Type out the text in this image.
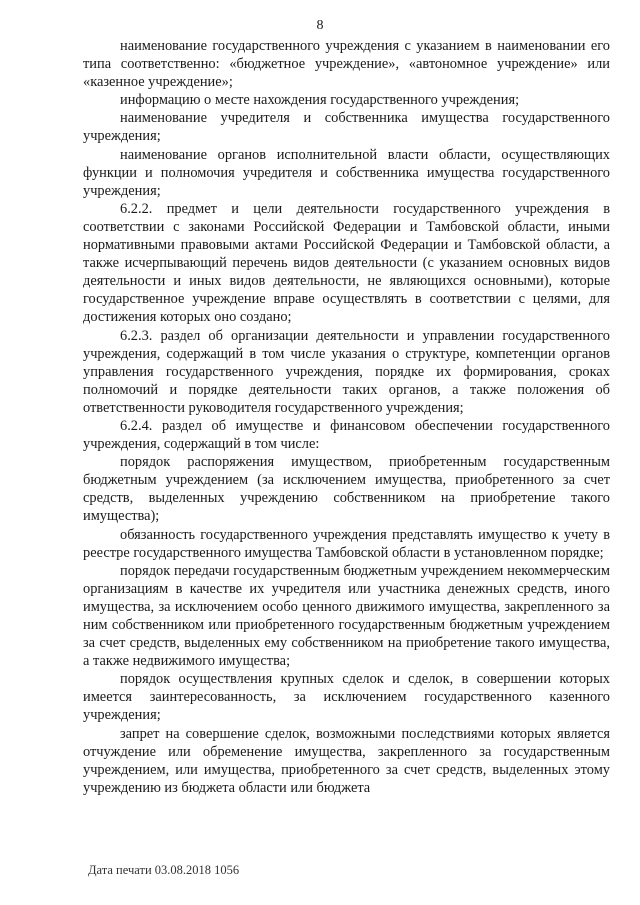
8

наименование государственного учреждения с указанием в наименовании его типа соответственно: «бюджетное учреждение», «автономное учреждение» или «казенное учреждение»;

информацию о месте нахождения государственного учреждения;

наименование учредителя и собственника имущества государственного учреждения;

наименование органов исполнительной власти области, осуществляющих функции и полномочия учредителя и собственника имущества государственного учреждения;

6.2.2. предмет и цели деятельности государственного учреждения в соответствии с законами Российской Федерации и Тамбовской области, иными нормативными правовыми актами Российской Федерации и Тамбовской области, а также исчерпывающий перечень видов деятельности (с указанием основных видов деятельности и иных видов деятельности, не являющихся основными), которые государственное учреждение вправе осуществлять в соответствии с целями, для достижения которых оно создано;

6.2.3. раздел об организации деятельности и управлении государственного учреждения, содержащий в том числе указания о структуре, компетенции органов управления государственного учреждения, порядке их формирования, сроках полномочий и порядке деятельности таких органов, а также положения об ответственности руководителя государственного учреждения;

6.2.4. раздел об имуществе и финансовом обеспечении государственного учреждения, содержащий в том числе:

порядок распоряжения имуществом, приобретенным государственным бюджетным учреждением (за исключением имущества, приобретенного за счет средств, выделенных учреждению собственником на приобретение такого имущества);

обязанность государственного учреждения представлять имущество к учету в реестре государственного имущества Тамбовской области в установленном порядке;

порядок передачи государственным бюджетным учреждением некоммерческим организациям в качестве их учредителя или участника денежных средств, иного имущества, за исключением особо ценного движимого имущества, закрепленного за ним собственником или приобретенного государственным бюджетным учреждением за счет средств, выделенных ему собственником на приобретение такого имущества, а также недвижимого имущества;

порядок осуществления крупных сделок и сделок, в совершении которых имеется заинтересованность, за исключением государственного казенного учреждения;

запрет на совершение сделок, возможными последствиями которых является отчуждение или обременение имущества, закрепленного за государственным учреждением, или имущества, приобретенного за счет средств, выделенных этому учреждению из бюджета области или бюджета

Дата печати 03.08.2018 1056
